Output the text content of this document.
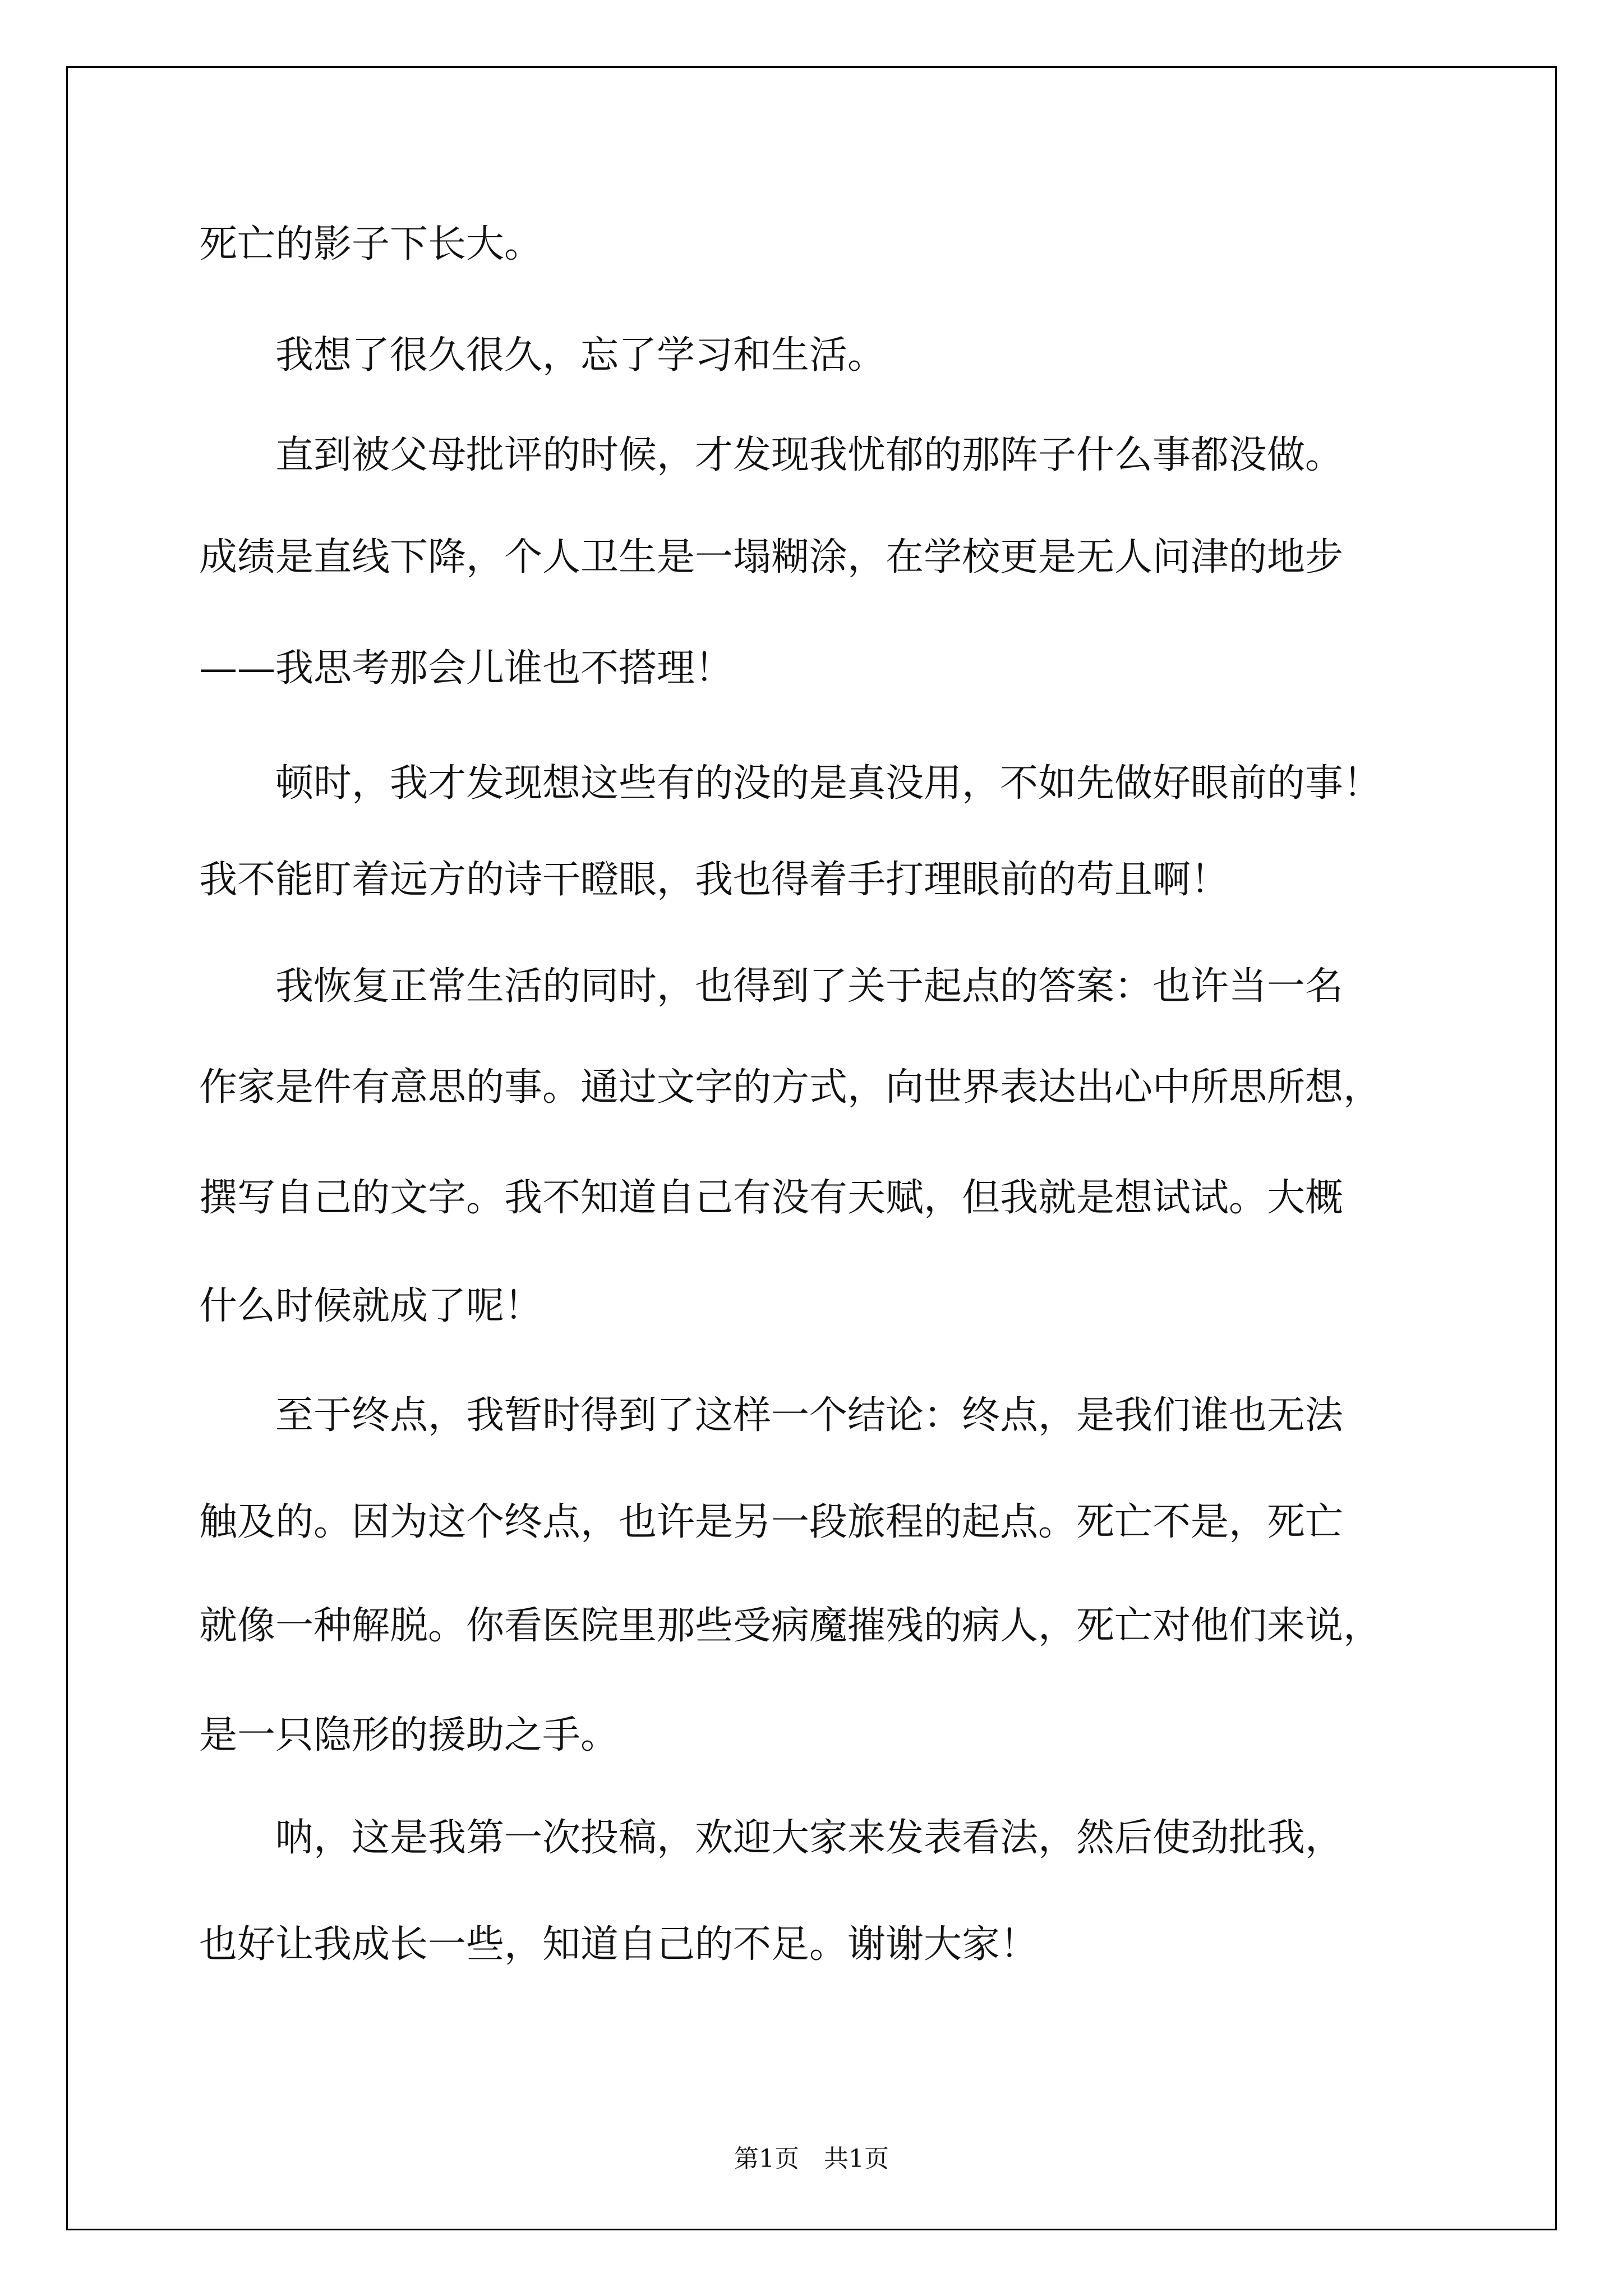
死亡的影子下长大。

　　我想了很久很久，忘了学习和生活。

　　直到被父母批评的时候，才发现我忧郁的那阵子什么事都没做。

成绩是直线下降，个人卫生是一塌糊涂，在学校更是无人问津的地步

——我思考那会儿谁也不搭理！

　　顿时，我才发现想这些有的没的是真没用，不如先做好眼前的事！

我不能盯着远方的诗干瞪眼，我也得着手打理眼前的苟且啊！

　　我恢复正常生活的同时，也得到了关于起点的答案：也许当一名

作家是件有意思的事。通过文字的方式，向世界表达出心中所思所想，

撰写自己的文字。我不知道自己有没有天赋，但我就是想试试。大概

什么时候就成了呢！

　　至于终点，我暂时得到了这样一个结论：终点，是我们谁也无法

触及的。因为这个终点，也许是另一段旅程的起点。死亡不是，死亡

就像一种解脱。你看医院里那些受病魔摧残的病人，死亡对他们来说，

是一只隐形的援助之手。

　　呐，这是我第一次投稿，欢迎大家来发表看法，然后使劲批我，

也好让我成长一些，知道自己的不足。谢谢大家！

第1页　共1页
